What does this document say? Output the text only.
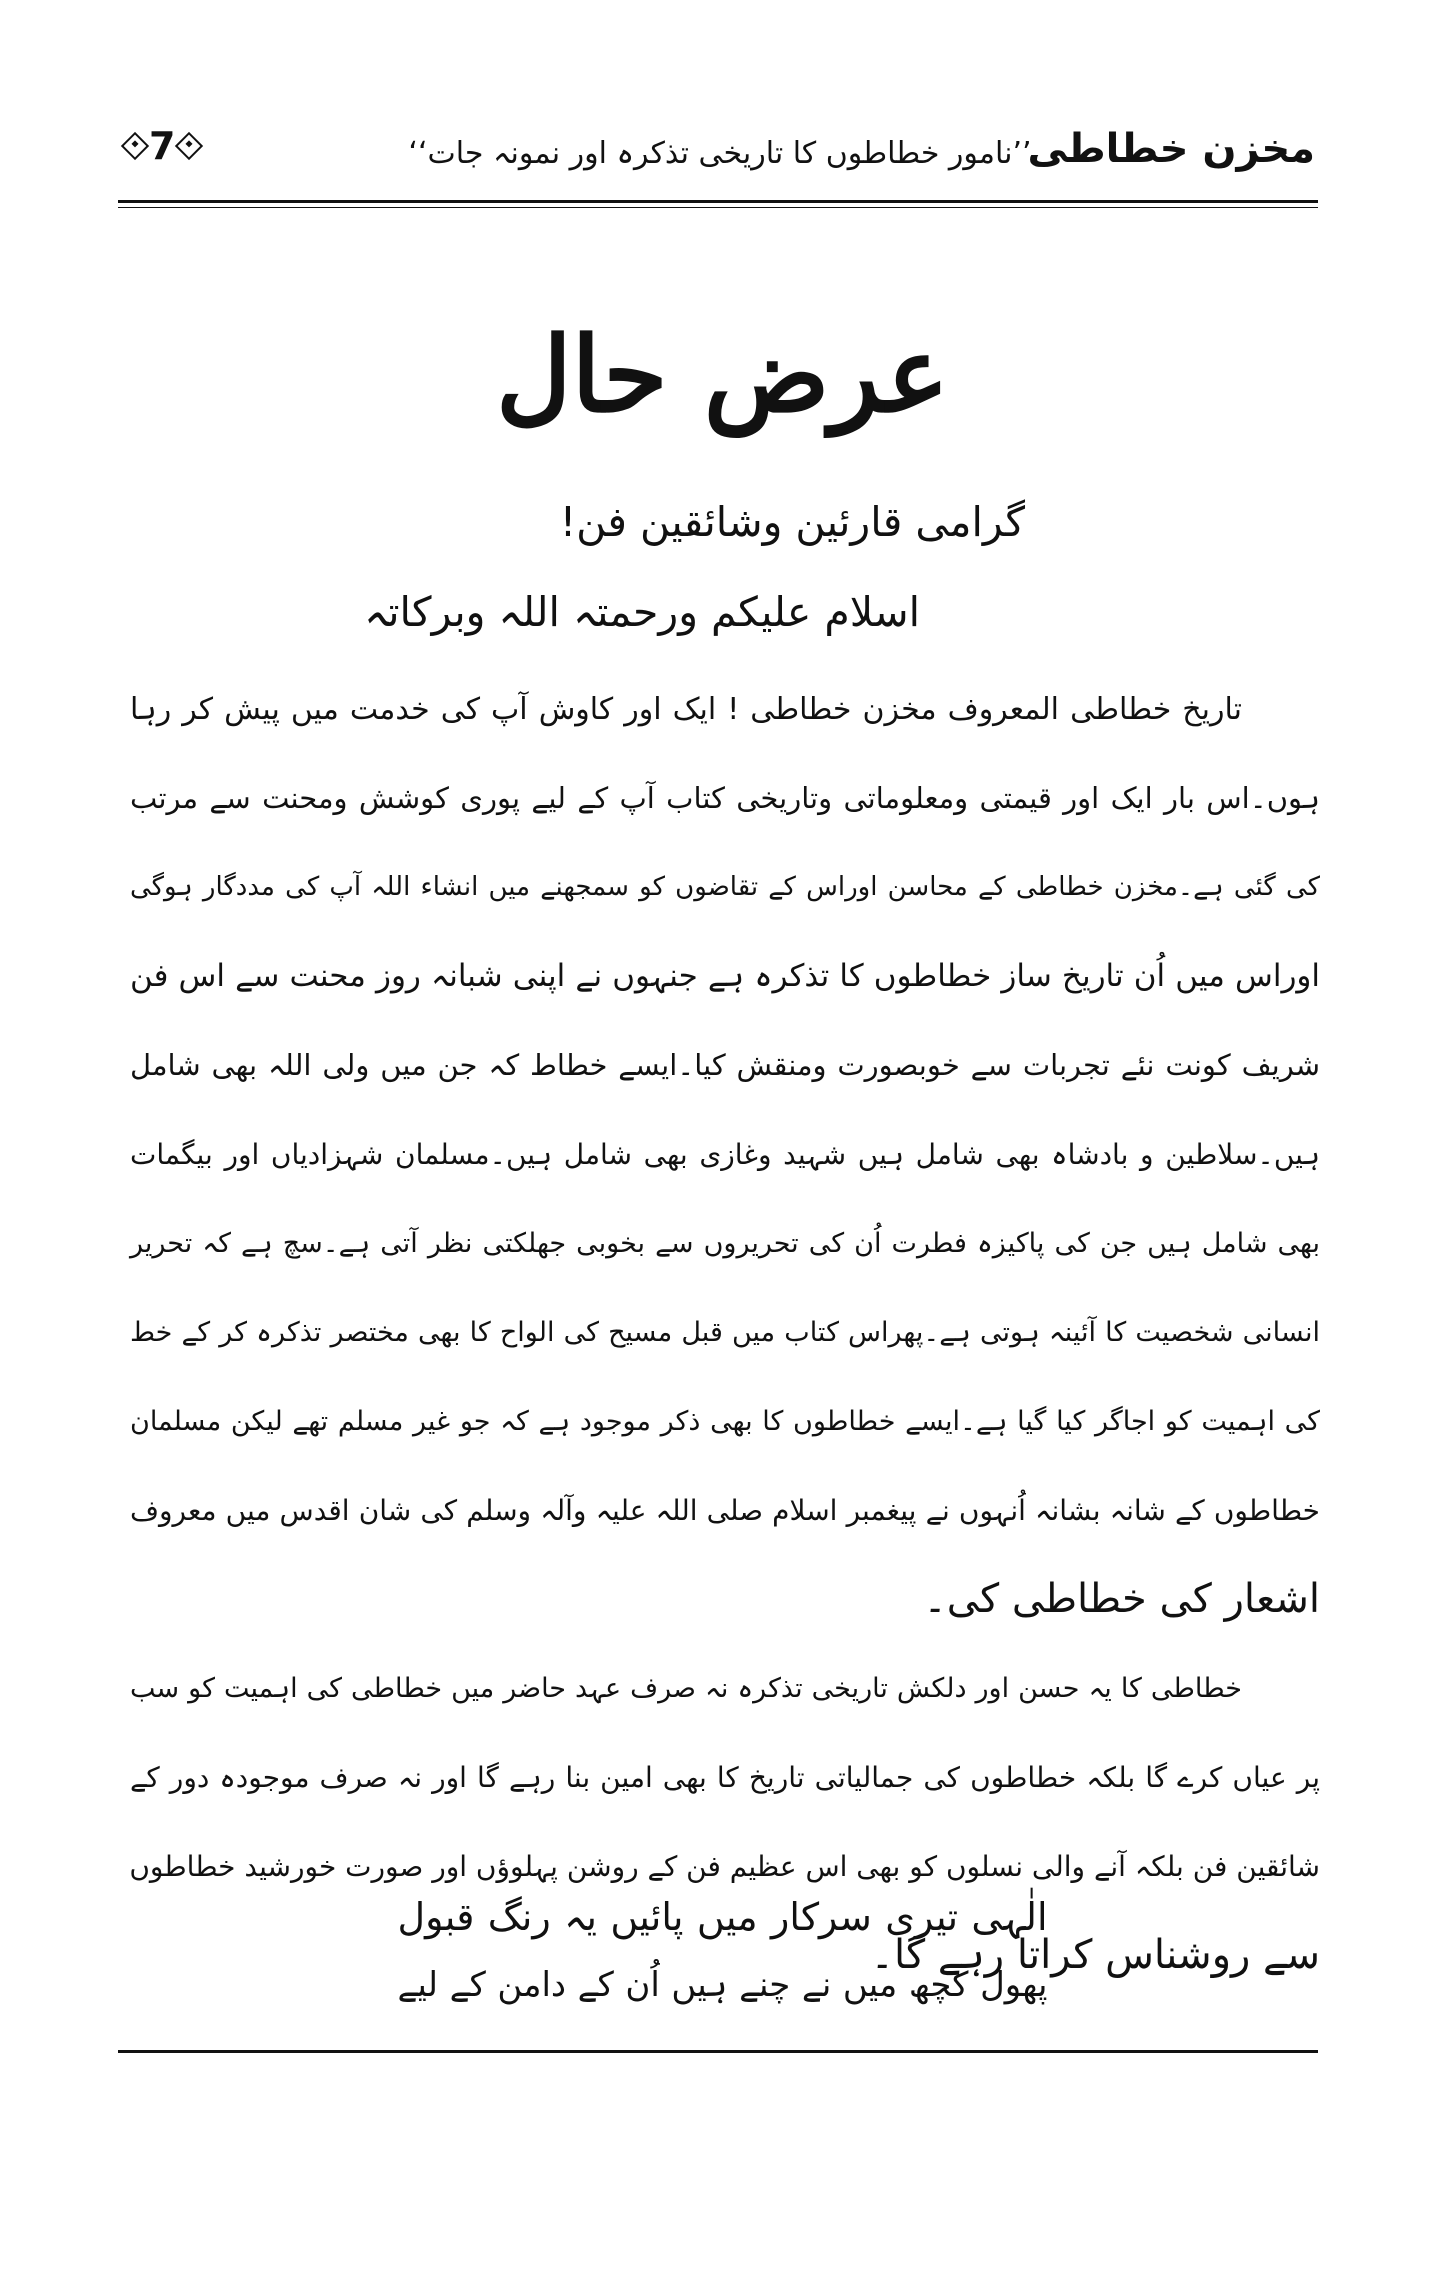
مخزن خطاطی
’’نامور خطاطوں کا تاریخی تذکرہ اور نمونہ جات‘‘
7
عرض حال
گرامی قارئین وشائقین فن!
اسلام علیکم ورحمتہ اللہ وبرکاتہ
تاریخ خطاطی المعروف مخزن خطاطی ! ایک اور کاوش آپ کی خدمت میں پیش کر رہا
ہوں۔اس بار ایک اور قیمتی ومعلوماتی وتاریخی کتاب آپ کے لیے پوری کوشش ومحنت سے مرتب
کی گئی ہے۔مخزن خطاطی کے محاسن اوراس کے تقاضوں کو سمجھنے میں انشاء اللہ آپ کی مددگار ہوگی
اوراس میں اُن تاریخ ساز خطاطوں کا تذکرہ ہے جنہوں نے اپنی شبانہ روز محنت سے اس فن
شریف کونت نئے تجربات سے خوبصورت ومنقش کیا۔ایسے خطاط کہ جن میں ولی اللہ بھی شامل
ہیں۔سلاطین و بادشاہ بھی شامل ہیں شہید وغازی بھی شامل ہیں۔مسلمان شہزادیاں اور بیگمات
بھی شامل ہیں جن کی پاکیزہ فطرت اُن کی تحریروں سے بخوبی جھلکتی نظر آتی ہے۔سچ ہے کہ تحریر
انسانی شخصیت کا آئینہ ہوتی ہے۔پھراس کتاب میں قبل مسیح کی الواح کا بھی مختصر تذکرہ کر کے خط
کی اہمیت کو اجاگر کیا گیا ہے۔ایسے خطاطوں کا بھی ذکر موجود ہے کہ جو غیر مسلم تھے لیکن مسلمان
خطاطوں کے شانہ بشانہ اُنہوں نے پیغمبر اسلام صلی اللہ علیہ وآلہ وسلم کی شان اقدس میں معروف
اشعار کی خطاطی کی۔
خطاطی کا یہ حسن اور دلکش تاریخی تذکرہ نہ صرف عہد حاضر میں خطاطی کی اہمیت کو سب
پر عیاں کرے گا بلکہ خطاطوں کی جمالیاتی تاریخ کا بھی امین بنا رہے گا اور نہ صرف موجودہ دور کے
شائقین فن بلکہ آنے والی نسلوں کو بھی اس عظیم فن کے روشن پہلوؤں اور صورت خورشید خطاطوں
سے روشناس کراتا رہے گا۔
الٰہی تیری سرکار میں پائیں یہ رنگ قبول
پھول کچھ میں نے چنے ہیں اُن کے دامن کے لیے
